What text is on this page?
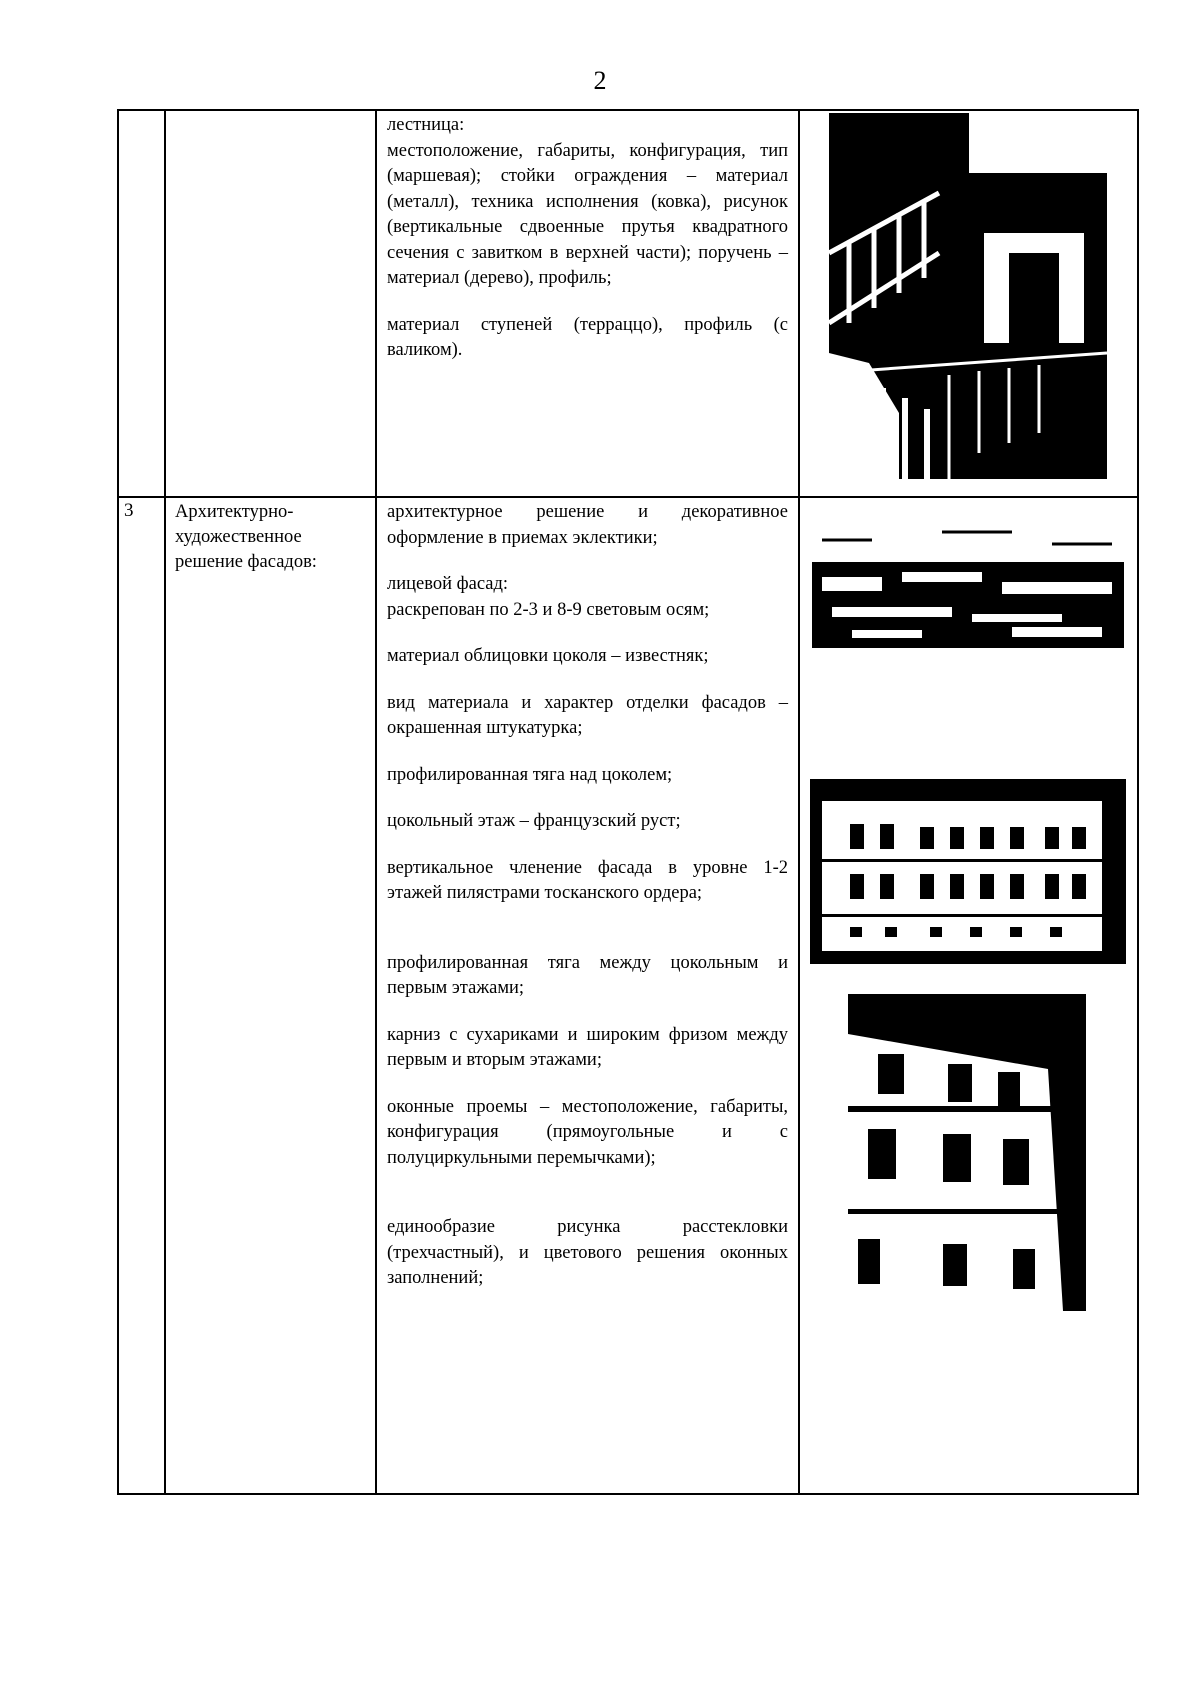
2

лестница:

местоположение, габариты, конфигурация, тип (маршевая); стойки ограждения – материал (металл), техника исполнения (ковка), рисунок (вертикальные сдвоенные прутья квадратного сечения с завитком в верхней части); поручень – материал (дерево), профиль;

материал ступеней (терраццо), профиль (с валиком).

3 Архитектурно-художественное решение фасадов:

архитектурное решение и декоративное оформление в приемах эклектики;

лицевой фасад:

раскрепован по 2-3 и 8-9 световым осям;

материал облицовки цоколя – известняк;

вид материала и характер отделки фасадов – окрашенная штукатурка;

профилированная тяга над цоколем;

цокольный этаж – французский руст;

вертикальное членение фасада в уровне 1-2 этажей пилястрами тосканского ордера;

профилированная тяга между цокольным и первым этажами;

карниз с сухариками и широким фризом между первым и вторым этажами;

оконные проемы – местоположение, габариты, конфигурация (прямоугольные и с полуциркульными перемычками);

единообразие рисунка расстекловки (трехчастный), и цветового решения оконных заполнений;
